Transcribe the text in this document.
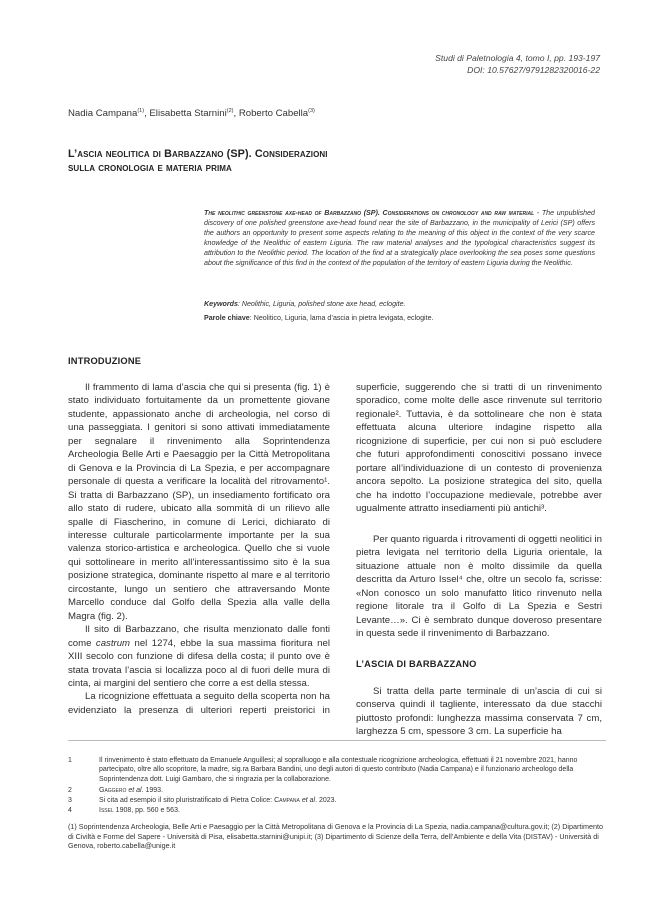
Studi di Paletnologia 4, tomo I, pp. 193-197
DOI: 10.57627/9791282320016-22
Nadia Campana$^{(1)}$, Elisabetta Starnini$^{(2)}$, Roberto Cabella$^{(3)}$
L’ascia neolitica di Barbazzano (SP). Considerazioni
sulla cronologia e materia prima
The neolithic greenstone axe-head of Barbazzano (SP). Considerations on chronology and raw material - The unpublished discovery of one polished greenstone axe-head found near the site of Barbazzano, in the municipality of Lerici (SP) offers the authors an opportunity to present some aspects relating to the meaning of this object in the context of the very scarce knowledge of the Neolithic of eastern Liguria. The raw material analyses and the typological characteristics suggest its attribution to the Neolithic period. The location of the find at a strategically place overlooking the sea poses some questions about the significance of this find in the context of the population of the territory of eastern Liguria during the Neolithic.
Keywords: Neolithic, Liguria, polished stone axe head, eclogite.
Parole chiave: Neolitico, Liguria, lama d’ascia in pietra levigata, eclogite.
INTRODUZIONE

Il frammento di lama d’ascia che qui si presenta (fig. 1) è stato individuato fortuitamente da un promettente giovane studente, appassionato anche di archeologia, nel corso di una passeggiata. I genitori si sono attivati immediatamente per segnalare il rinvenimento alla Soprintendenza Archeologia Belle Arti e Paesaggio per la Città Metropolitana di Genova e la Provincia di La Spezia, e per accompagnare personale di questa a verificare la località del ritrovamento¹. Si tratta di Barbazzano (SP), un insediamento fortificato ora allo stato di rudere, ubicato alla sommità di un rilievo alle spalle di Fiascherino, in comune di Lerici, dichiarato di interesse culturale particolarmente importante per la sua valenza storico-artistica e archeologica. Quello che si vuole qui sottolineare in merito all’interessantissimo sito è la sua posizione strategica, dominante rispetto al mare e al territorio circostante, lungo un sentiero che attraversando Monte Marcello conduce dal Golfo della Spezia alla valle della Magra (fig. 2).

Il sito di Barbazzano, che risulta menzionato dalle fonti come castrum nel 1274, ebbe la sua massima fioritura nel XIII secolo con funzione di difesa della costa; il punto ove è stata trovata l’ascia si localizza poco al di fuori delle mura di cinta, ai margini del sentiero che corre a est della stessa.

La ricognizione effettuata a seguito della scoperta non ha evidenziato la presenza di ulteriori reperti preistorici in

superficie, suggerendo che si tratti di un rinvenimento sporadico, come molte delle asce rinvenute sul territorio regionale². Tuttavia, è da sottolineare che non è stata effettuata alcuna ulteriore indagine rispetto alla ricognizione di superficie, per cui non si può escludere che futuri approfondimenti conoscitivi possano invece portare all’individuazione di un contesto di provenienza ancora sepolto. La posizione strategica del sito, quella che ha indotto l’occupazione medievale, potrebbe aver ugualmente attratto insediamenti più antichi³.

Per quanto riguarda i ritrovamenti di oggetti neolitici in pietra levigata nel territorio della Liguria orientale, la situazione attuale non è molto dissimile da quella descritta da Arturo Issel⁴ che, oltre un secolo fa, scrisse: «Non conosco un solo manufatto litico rinvenuto nella regione litorale tra il Golfo di La Spezia e Sestri Levante…». Ci è sembrato dunque doveroso presentare in questa sede il rinvenimento di Barbazzano.

L’ASCIA DI BARBAZZANO

Si tratta della parte terminale di un’ascia di cui si conserva quindi il tagliente, interessato da due stacchi piuttosto profondi: lunghezza massima conservata 7 cm, larghezza 5 cm, spessore 3 cm. La superficie ha

1	Il rinvenimento è stato effettuato da Emanuele Anguillesi; al sopralluogo e alla contestuale ricognizione archeologica, effettuati il 21 novembre 2021, hanno partecipato, oltre allo scopritore, la madre, sig.ra Barbara Bandini, uno degli autori di questo contributo (Nadia Campana) e il funzionario archeologo della Soprintendenza dott. Luigi Gambaro, che si ringrazia per la collaborazione.
2	Gaggero et al. 1993.
3	Si cita ad esempio il sito pluristratificato di Pietra Colice: Campana et al. 2023.
4	Issel 1908, pp. 560 e 563.
(1) Soprintendenza Archeologia, Belle Arti e Paesaggio per la Città Metropolitana di Genova e la Provincia di La Spezia, nadia.campana@cultura.gov.it; (2) Dipartimento di Civiltà e Forme del Sapere - Università di Pisa, elisabetta.starnini@unipi.it; (3) Dipartimento di Scienze della Terra, dell’Ambiente e della Vita (DISTAV) - Università di Genova, roberto.cabella@unige.it
